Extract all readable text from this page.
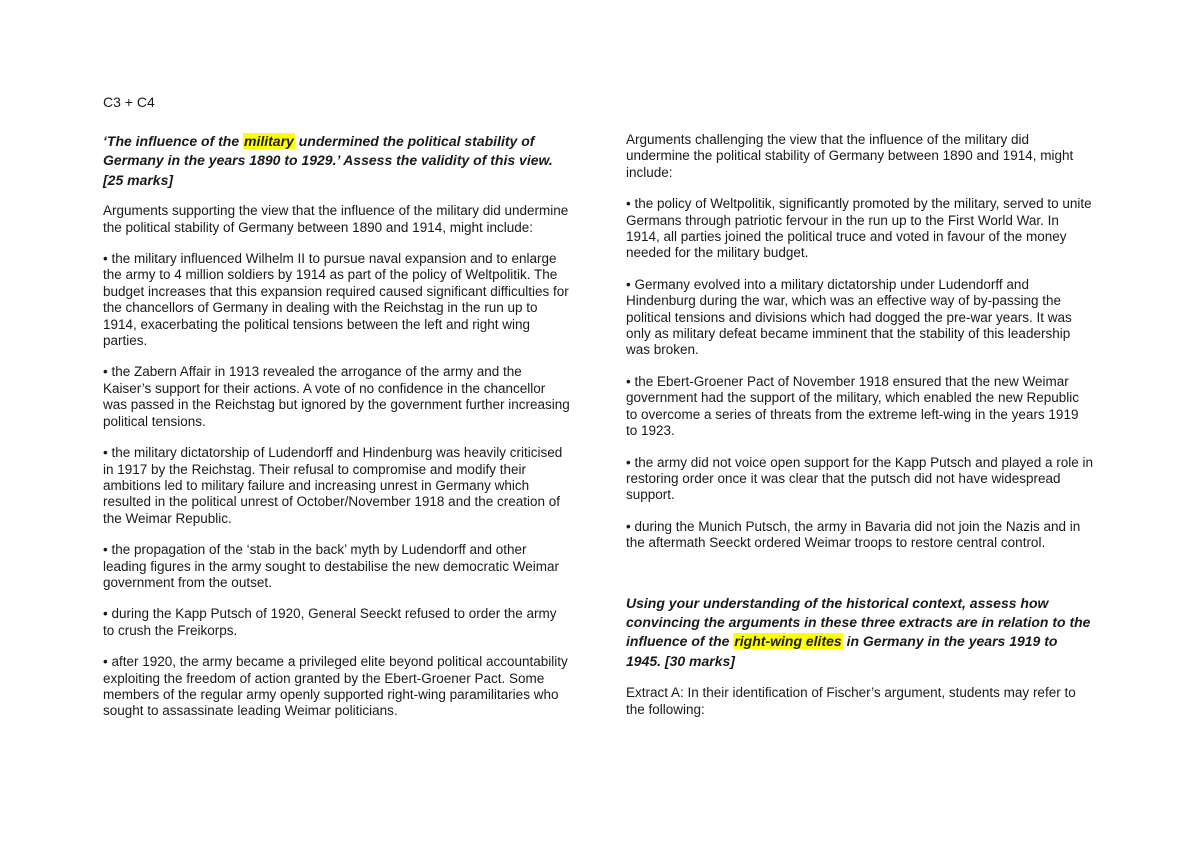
C3 + C4

‘The influence of the military undermined the political stability of Germany in the years 1890 to 1929.’ Assess the validity of this view. [25 marks]

Arguments supporting the view that the influence of the military did undermine the political stability of Germany between 1890 and 1914, might include:

• the military influenced Wilhelm II to pursue naval expansion and to enlarge the army to 4 million soldiers by 1914 as part of the policy of Weltpolitik. The budget increases that this expansion required caused significant difficulties for the chancellors of Germany in dealing with the Reichstag in the run up to 1914, exacerbating the political tensions between the left and right wing parties.

• the Zabern Affair in 1913 revealed the arrogance of the army and the Kaiser’s support for their actions. A vote of no confidence in the chancellor was passed in the Reichstag but ignored by the government further increasing political tensions.

• the military dictatorship of Ludendorff and Hindenburg was heavily criticised in 1917 by the Reichstag. Their refusal to compromise and modify their ambitions led to military failure and increasing unrest in Germany which resulted in the political unrest of October/November 1918 and the creation of the Weimar Republic.

• the propagation of the ‘stab in the back’ myth by Ludendorff and other leading figures in the army sought to destabilise the new democratic Weimar government from the outset.

• during the Kapp Putsch of 1920, General Seeckt refused to order the army to crush the Freikorps.

• after 1920, the army became a privileged elite beyond political accountability exploiting the freedom of action granted by the Ebert-Groener Pact. Some members of the regular army openly supported right-wing paramilitaries who sought to assassinate leading Weimar politicians.

Arguments challenging the view that the influence of the military did undermine the political stability of Germany between 1890 and 1914, might include:

• the policy of Weltpolitik, significantly promoted by the military, served to unite Germans through patriotic fervour in the run up to the First World War. In 1914, all parties joined the political truce and voted in favour of the money needed for the military budget.

• Germany evolved into a military dictatorship under Ludendorff and Hindenburg during the war, which was an effective way of by-passing the political tensions and divisions which had dogged the pre-war years. It was only as military defeat became imminent that the stability of this leadership was broken.

• the Ebert-Groener Pact of November 1918 ensured that the new Weimar government had the support of the military, which enabled the new Republic to overcome a series of threats from the extreme left-wing in the years 1919 to 1923.

• the army did not voice open support for the Kapp Putsch and played a role in restoring order once it was clear that the putsch did not have widespread support.

• during the Munich Putsch, the army in Bavaria did not join the Nazis and in the aftermath Seeckt ordered Weimar troops to restore central control.

Using your understanding of the historical context, assess how convincing the arguments in these three extracts are in relation to the influence of the right-wing elites in Germany in the years 1919 to 1945. [30 marks]

Extract A: In their identification of Fischer’s argument, students may refer to the following:
